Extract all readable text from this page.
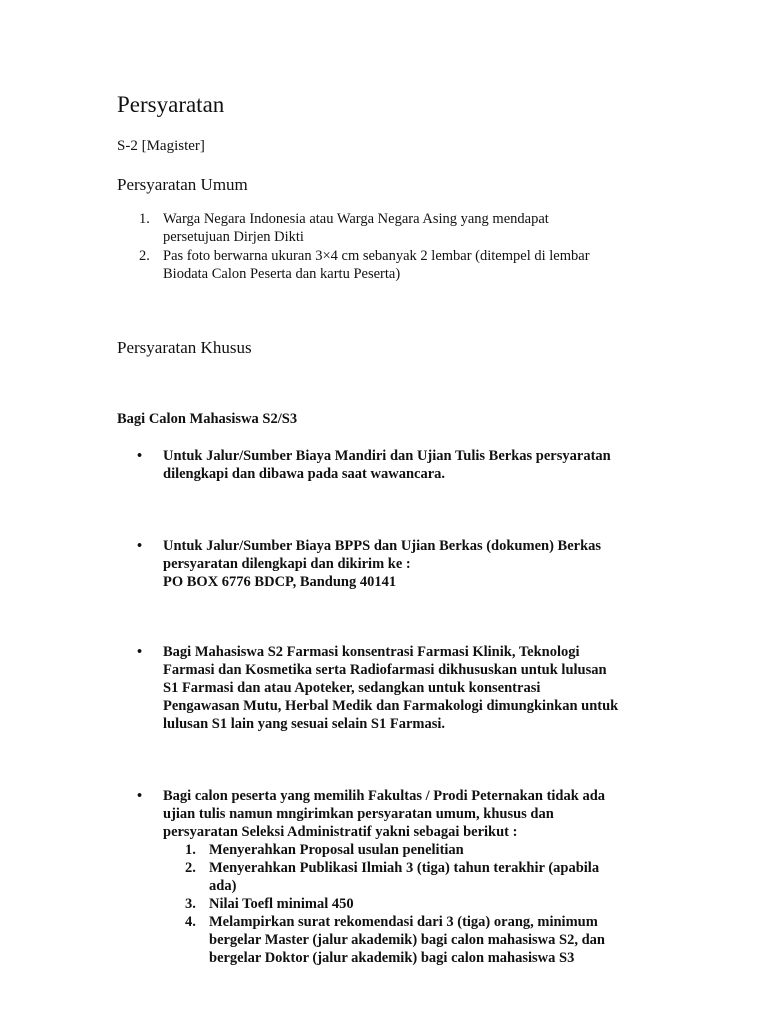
Persyaratan
S-2 [Magister]
Persyaratan Umum
1. Warga Negara Indonesia atau Warga Negara Asing yang mendapat
persetujuan Dirjen Dikti
2. Pas foto berwarna ukuran 3×4 cm sebanyak 2 lembar (ditempel di lembar
Biodata Calon Peserta dan kartu Peserta)
Persyaratan Khusus
Bagi Calon Mahasiswa S2/S3
• Untuk Jalur/Sumber Biaya Mandiri dan Ujian Tulis Berkas persyaratan
dilengkapi dan dibawa pada saat wawancara.
• Untuk Jalur/Sumber Biaya BPPS dan Ujian Berkas (dokumen) Berkas
persyaratan dilengkapi dan dikirim ke :
PO BOX 6776 BDCP, Bandung 40141
• Bagi Mahasiswa S2 Farmasi konsentrasi Farmasi Klinik, Teknologi
Farmasi dan Kosmetika serta Radiofarmasi dikhususkan untuk lulusan
S1 Farmasi dan atau Apoteker, sedangkan untuk konsentrasi
Pengawasan Mutu, Herbal Medik dan Farmakologi dimungkinkan untuk
lulusan S1 lain yang sesuai selain S1 Farmasi.
• Bagi calon peserta yang memilih Fakultas / Prodi Peternakan tidak ada
ujian tulis namun mngirimkan persyaratan umum, khusus dan
persyaratan Seleksi Administratif yakni sebagai berikut :
1. Menyerahkan Proposal usulan penelitian
2. Menyerahkan Publikasi Ilmiah 3 (tiga) tahun terakhir (apabila
ada)
3. Nilai Toefl minimal 450
4. Melampirkan surat rekomendasi dari 3 (tiga) orang, minimum
bergelar Master (jalur akademik) bagi calon mahasiswa S2, dan
bergelar Doktor (jalur akademik) bagi calon mahasiswa S3
